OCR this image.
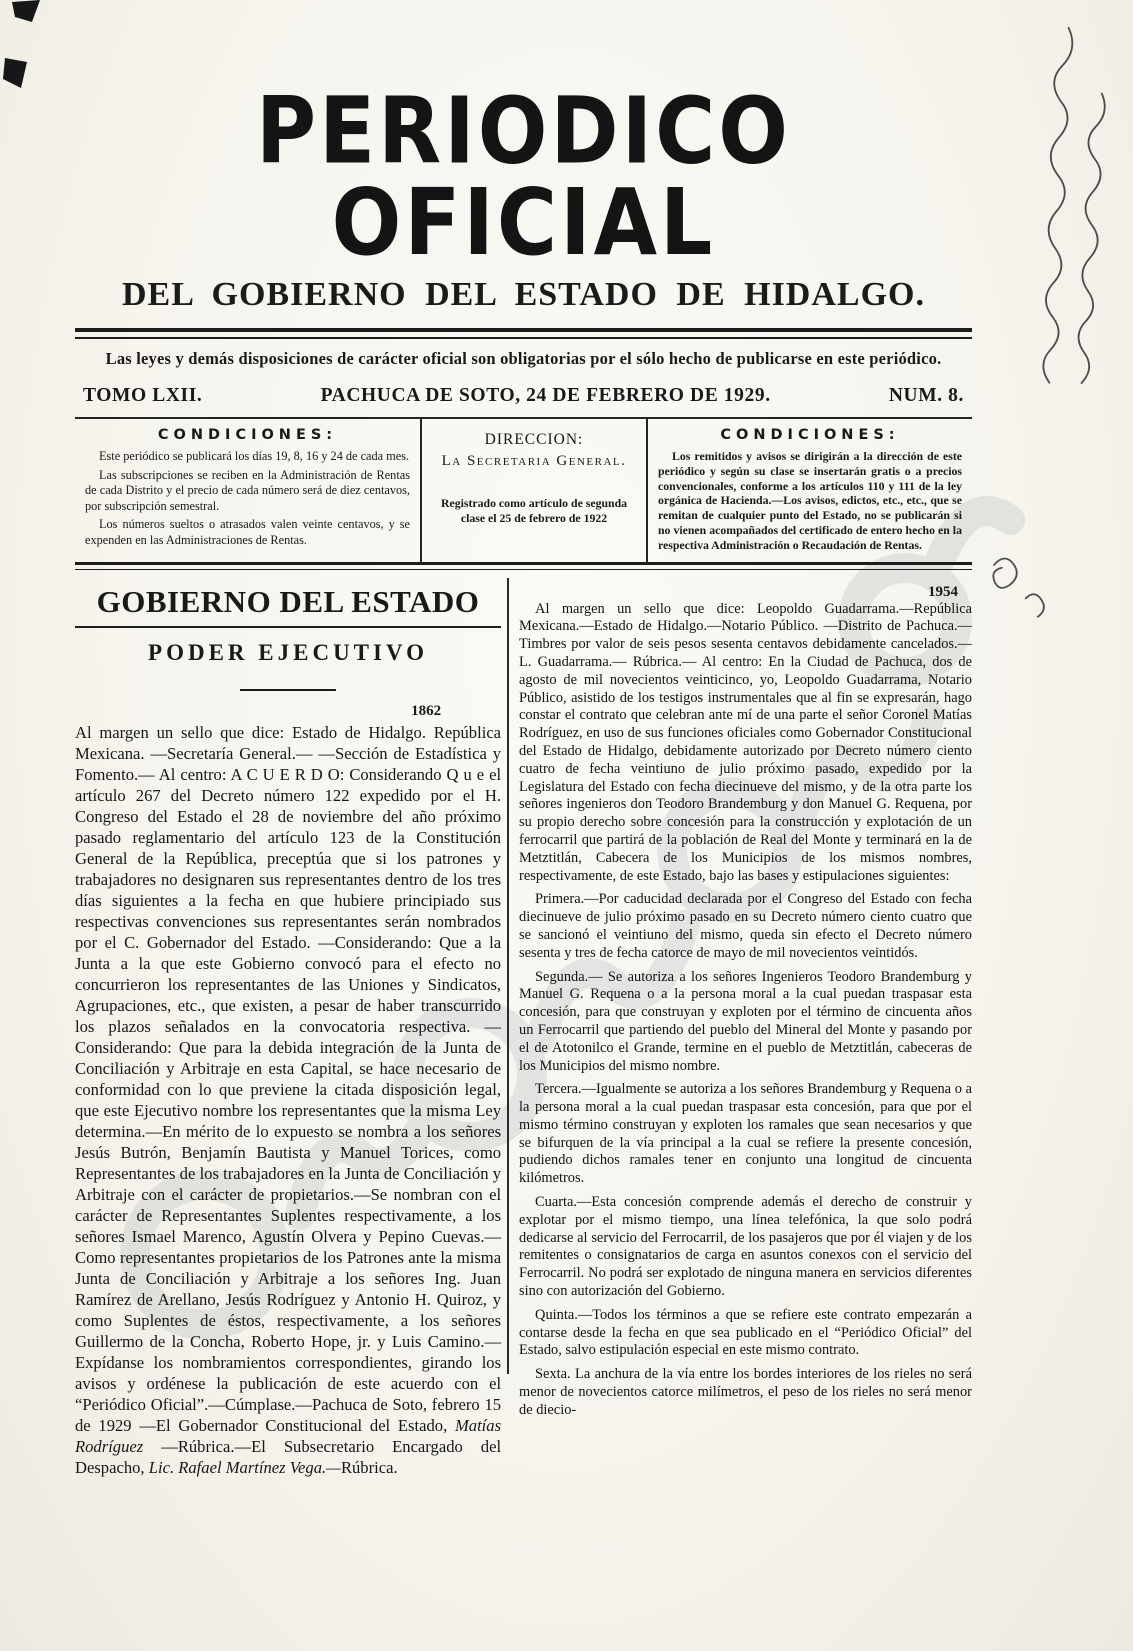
PERIODICO OFICIAL
DEL GOBIERNO DEL ESTADO DE HIDALGO.
Las leyes y demás disposiciones de carácter oficial son obligatorias por el sólo hecho de publicarse en este periódico.
TOMO LXII.	PACHUCA DE SOTO, 24 DE FEBRERO DE 1929.	NUM. 8.
CONDICIONES:

Este periódico se publicará los días 19, 8, 16 y 24 de cada mes.

Las subscripciones se reciben en la Administración de Rentas de cada Distrito y el precio de cada número será de diez centavos, por subscripción semestral.

Los números sueltos o atrasados valen veinte centavos, y se expenden en las Administraciones de Rentas.

DIRECCION:
La Secretaria General.
Registrado como artículo de segunda clase el 25 de febrero de 1922
CONDICIONES:

Los remitidos y avisos se dirigirán a la dirección de este periódico y según su clase se insertarán gratis o a precios convencionales, conforme a los artículos 110 y 111 de la ley orgánica de Hacienda.—Los avisos, edictos, etc., etc., que se remitan de cualquier punto del Estado, no se publicarán si no vienen acompañados del certificado de entero hecho en la respectiva Administración o Recaudación de Rentas.

GOBIERNO DEL ESTADO
PODER EJECUTIVO
1862

Al margen un sello que dice: Estado de Hidalgo. República Mexicana. —Secretaría General.— —Sección de Estadística y Fomento.— Al centro: A C U E R D O: Considerando Q u e el artículo 267 del Decreto número 122 expedido por el H. Congreso del Estado el 28 de noviembre del año próximo pasado reglamentario del artículo 123 de la Constitución General de la República, preceptúa que si los patrones y trabajadores no designaren sus representantes dentro de los tres días siguientes a la fecha en que hubiere principiado sus respectivas convenciones sus representantes serán nombrados por el C. Gobernador del Estado. —Considerando: Que a la Junta a la que este Gobierno convocó para el efecto no concurrieron los representantes de las Uniones y Sindicatos, Agrupaciones, etc., que existen, a pesar de haber transcurrido los plazos señalados en la convocatoria respectiva. — Considerando: Que para la debida integración de la Junta de Conciliación y Arbitraje en esta Capital, se hace necesario de conformidad con lo que previene la citada disposición legal, que este Ejecutivo nombre los representantes que la misma Ley determina.—En mérito de lo expuesto se nombra a los señores Jesús Butrón, Benjamín Bautista y Manuel Torices, como Representantes de los trabajadores en la Junta de Conciliación y Arbitraje con el carácter de propietarios.—Se nombran con el carácter de Representantes Suplentes respectivamente, a los señores Ismael Marenco, Agustín Olvera y Pepino Cuevas.—Como representantes propietarios de los Patrones ante la misma Junta de Conciliación y Arbitraje a los señores Ing. Juan Ramírez de Arellano, Jesús Rodríguez y Antonio H. Quiroz, y como Suplentes de éstos, respectivamente, a los señores Guillermo de la Concha, Roberto Hope, jr. y Luis Camino.—Expídanse los nombramientos correspondientes, girando los avisos y ordénese la publicación de este acuerdo con el “Periódico Oficial”.—Cúmplase.—Pachuca de Soto, febrero 15 de 1929 —El Gobernador Constitucional del Estado, Matías Rodríguez —Rúbrica.—El Subsecretario Encargado del Despacho, Lic. Rafael Martínez Vega.—Rúbrica.

1954

Al margen un sello que dice: Leopoldo Guadarrama.—República Mexicana.—Estado de Hidalgo.—Notario Público. —Distrito de Pachuca.—Timbres por valor de seis pesos sesenta centavos debidamente cancelados.— L. Guadarrama.— Rúbrica.— Al centro: En la Ciudad de Pachuca, dos de agosto de mil novecientos veinticinco, yo, Leopoldo Guadarrama, Notario Público, asistido de los testigos instrumentales que al fin se expresarán, hago constar el contrato que celebran ante mí de una parte el señor Coronel Matías Rodríguez, en uso de sus funciones oficiales como Gobernador Constitucional del Estado de Hidalgo, debidamente autorizado por Decreto número ciento cuatro de fecha veintiuno de julio próximo pasado, expedido por la Legislatura del Estado con fecha diecinueve del mismo, y de la otra parte los señores ingenieros don Teodoro Brandemburg y don Manuel G. Requena, por su propio derecho sobre concesión para la construcción y explotación de un ferrocarril que partirá de la población de Real del Monte y terminará en la de Metztitlán, Cabecera de los Municipios de los mismos nombres, respectivamente, de este Estado, bajo las bases y estipulaciones siguientes:

Primera.—Por caducidad declarada por el Congreso del Estado con fecha diecinueve de julio próximo pasado en su Decreto número ciento cuatro que se sancionó el veintiuno del mismo, queda sin efecto el Decreto número sesenta y tres de fecha catorce de mayo de mil novecientos veintidós.

Segunda.— Se autoriza a los señores Ingenieros Teodoro Brandemburg y Manuel G. Requena o a la persona moral a la cual puedan traspasar esta concesión, para que construyan y exploten por el término de cincuenta años un Ferrocarril que partiendo del pueblo del Mineral del Monte y pasando por el de Atotonilco el Grande, termine en el pueblo de Metztitlán, cabeceras de los Municipios del mismo nombre.

Tercera.—Igualmente se autoriza a los señores Brandemburg y Requena o a la persona moral a la cual puedan traspasar esta concesión, para que por el mismo término construyan y exploten los ramales que sean necesarios y que se bifurquen de la vía principal a la cual se refiere la presente concesión, pudiendo dichos ramales tener en conjunto una longitud de cincuenta kilómetros.

Cuarta.—Esta concesión comprende además el derecho de construir y explotar por el mismo tiempo, una línea telefónica, la que solo podrá dedicarse al servicio del Ferrocarril, de los pasajeros que por él viajen y de los remitentes o consignatarios de carga en asuntos conexos con el servicio del Ferrocarril. No podrá ser explotado de ninguna manera en servicios diferentes sino con autorización del Gobierno.

Quinta.—Todos los términos a que se refiere este contrato empezarán a contarse desde la fecha en que sea publicado en el “Periódico Oficial” del Estado, salvo estipulación especial en este mismo contrato.

Sexta. La anchura de la vía entre los bordes interiores de los rieles no será menor de novecientos catorce milímetros, el peso de los rieles no será menor de diecio-
